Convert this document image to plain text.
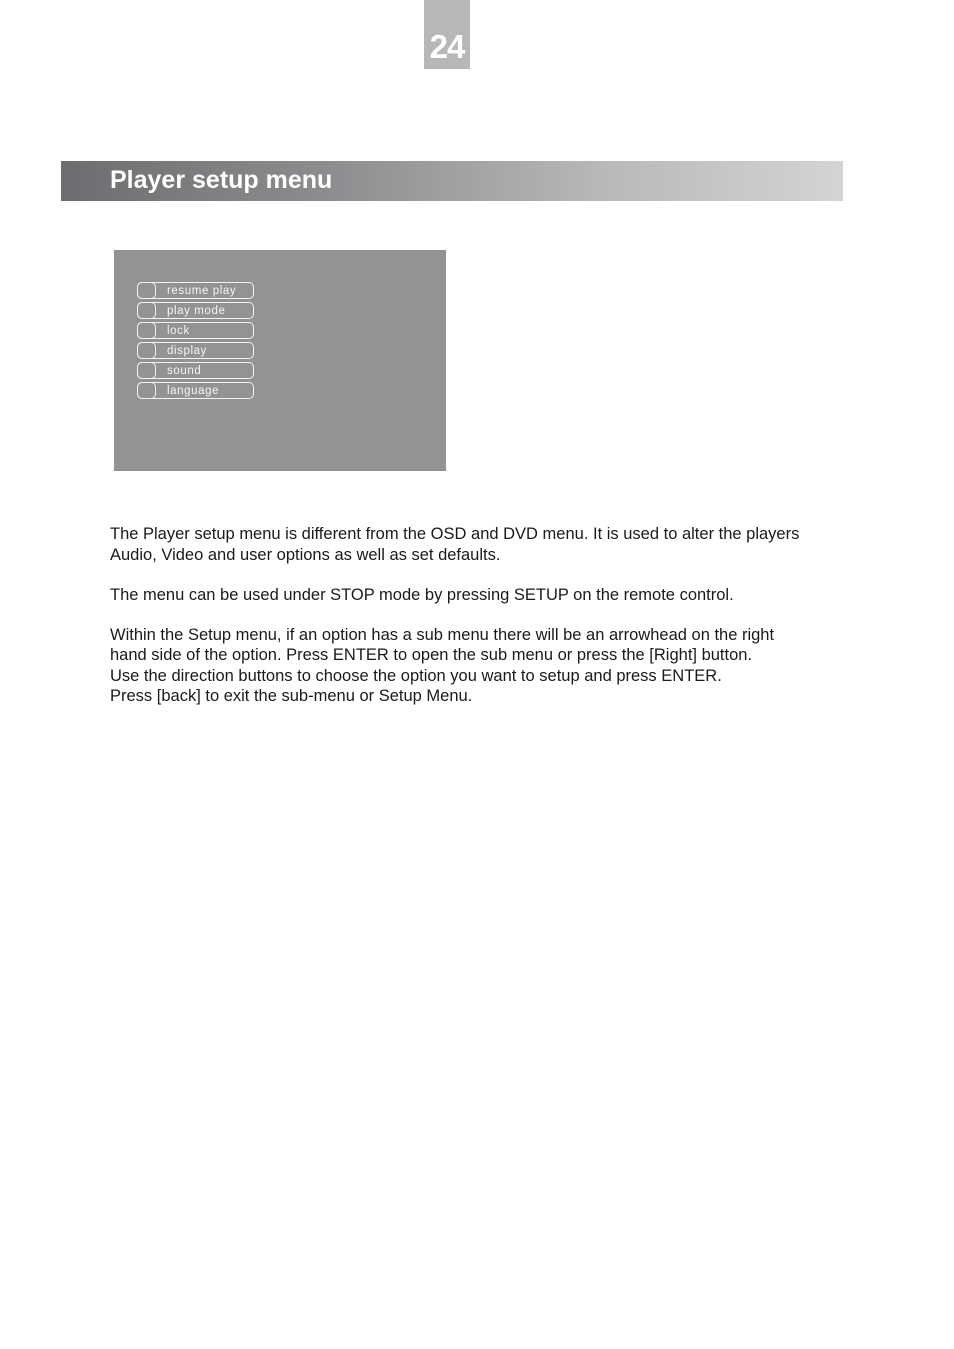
24
Player setup menu
resume play
play mode
lock
display
sound
language

The Player setup menu is different from the OSD and DVD menu. It is used to alter the players
Audio, Video and user options as well as set defaults.

The menu can be used under STOP mode by pressing SETUP on the remote control.

Within the Setup menu, if an option has a sub menu there will be an arrowhead on the right
hand side of the option. Press ENTER to open the sub menu or press the [Right] button.
Use the direction buttons to choose the option you want to setup and press ENTER.
Press [back] to exit the sub-menu or Setup Menu.
